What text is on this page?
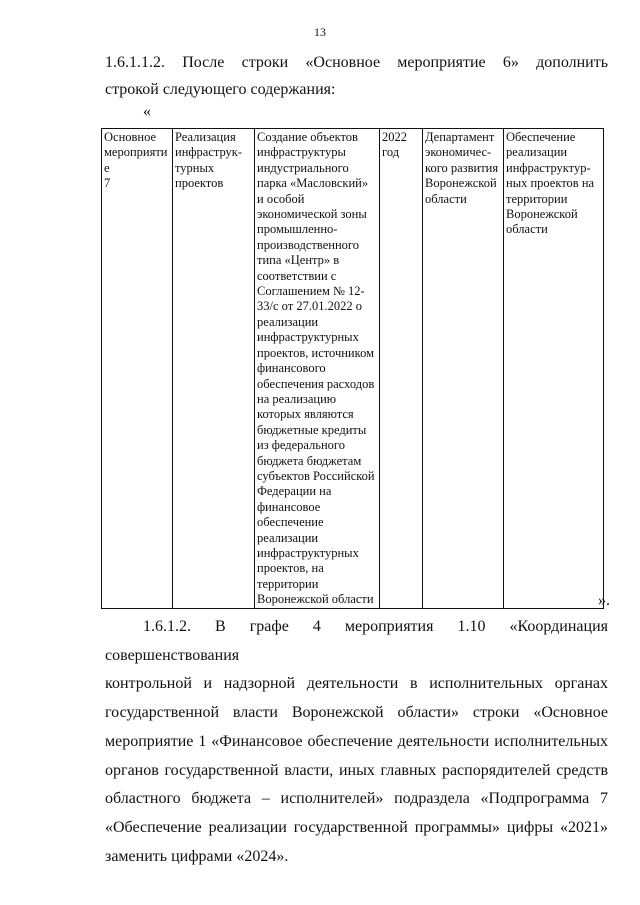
13
1.6.1.1.2. После строки «Основное мероприятие 6» дополнить
строкой следующего содержания:
«
Основное
мероприятие
7

Реализация
инфраструк-
турных
проектов

Создание объектов
инфраструктуры
индустриального
парка «Масловский»
и особой
экономической зоны
промышленно-
производственного
типа «Центр» в
соответствии с
Соглашением № 12-
33/с от 27.01.2022 о
реализации
инфраструктурных
проектов, источником
финансового
обеспечения расходов
на реализацию
которых являются
бюджетные кредиты
из федерального
бюджета бюджетам
субъектов Российской
Федерации на
финансовое
обеспечение
реализации
инфраструктурных
проектов, на
территории
Воронежской области

2022
год

Департамент
экономичес-
кого развития
Воронежской
области

Обеспечение
реализации
инфраструктур-
ных проектов на
территории
Воронежской
области
».
1.6.1.2. В графе 4 мероприятия 1.10 «Координация совершенствования
контрольной и надзорной деятельности в исполнительных органах
государственной власти Воронежской области» строки «Основное
мероприятие 1 «Финансовое обеспечение деятельности исполнительных
органов государственной власти, иных главных распорядителей средств
областного бюджета – исполнителей» подраздела «Подпрограмма 7
«Обеспечение реализации государственной программы» цифры «2021»
заменить цифрами «2024».
